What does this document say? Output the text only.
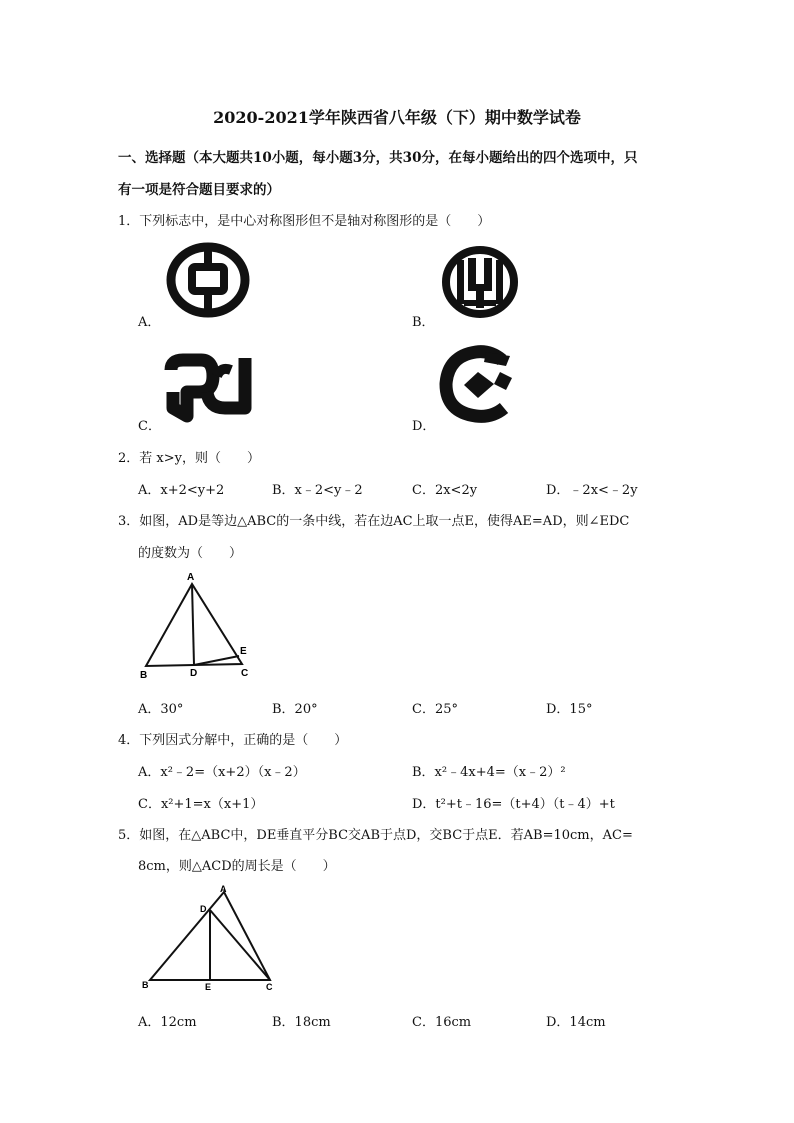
2020-2021学年陕西省八年级（下）期中数学试卷
一、选择题（本大题共10小题，每小题3分，共30分，在每小题给出的四个选项中，只
有一项是符合题目要求的）
1．下列标志中，是中心对称图形但不是轴对称图形的是（　　）
A．	B．
C．	D．
2．若 x>y，则（　　）
A．x+2<y+2	B．x﹣2<y﹣2	C．2x<2y	D．﹣2x<﹣2y
3．如图，AD是等边△ABC的一条中线，若在边AC上取一点E，使得AE=AD，则∠EDC
的度数为（　　）
A
B	D	C
E
A．30°	B．20°	C．25°	D．15°
4．下列因式分解中，正确的是（　　）
A．x²﹣2=（x+2）（x﹣2）	B．x²﹣4x+4=（x﹣2）²
C．x²+1=x（x+1）	D．t²+t﹣16=（t+4）（t﹣4）+t
5．如图，在△ABC中，DE垂直平分BC交AB于点D，交BC于点E．若AB=10cm，AC=
8cm，则△ACD的周长是（　　）
A
D
B	E	C
A．12cm	B．18cm	C．16cm	D．14cm
